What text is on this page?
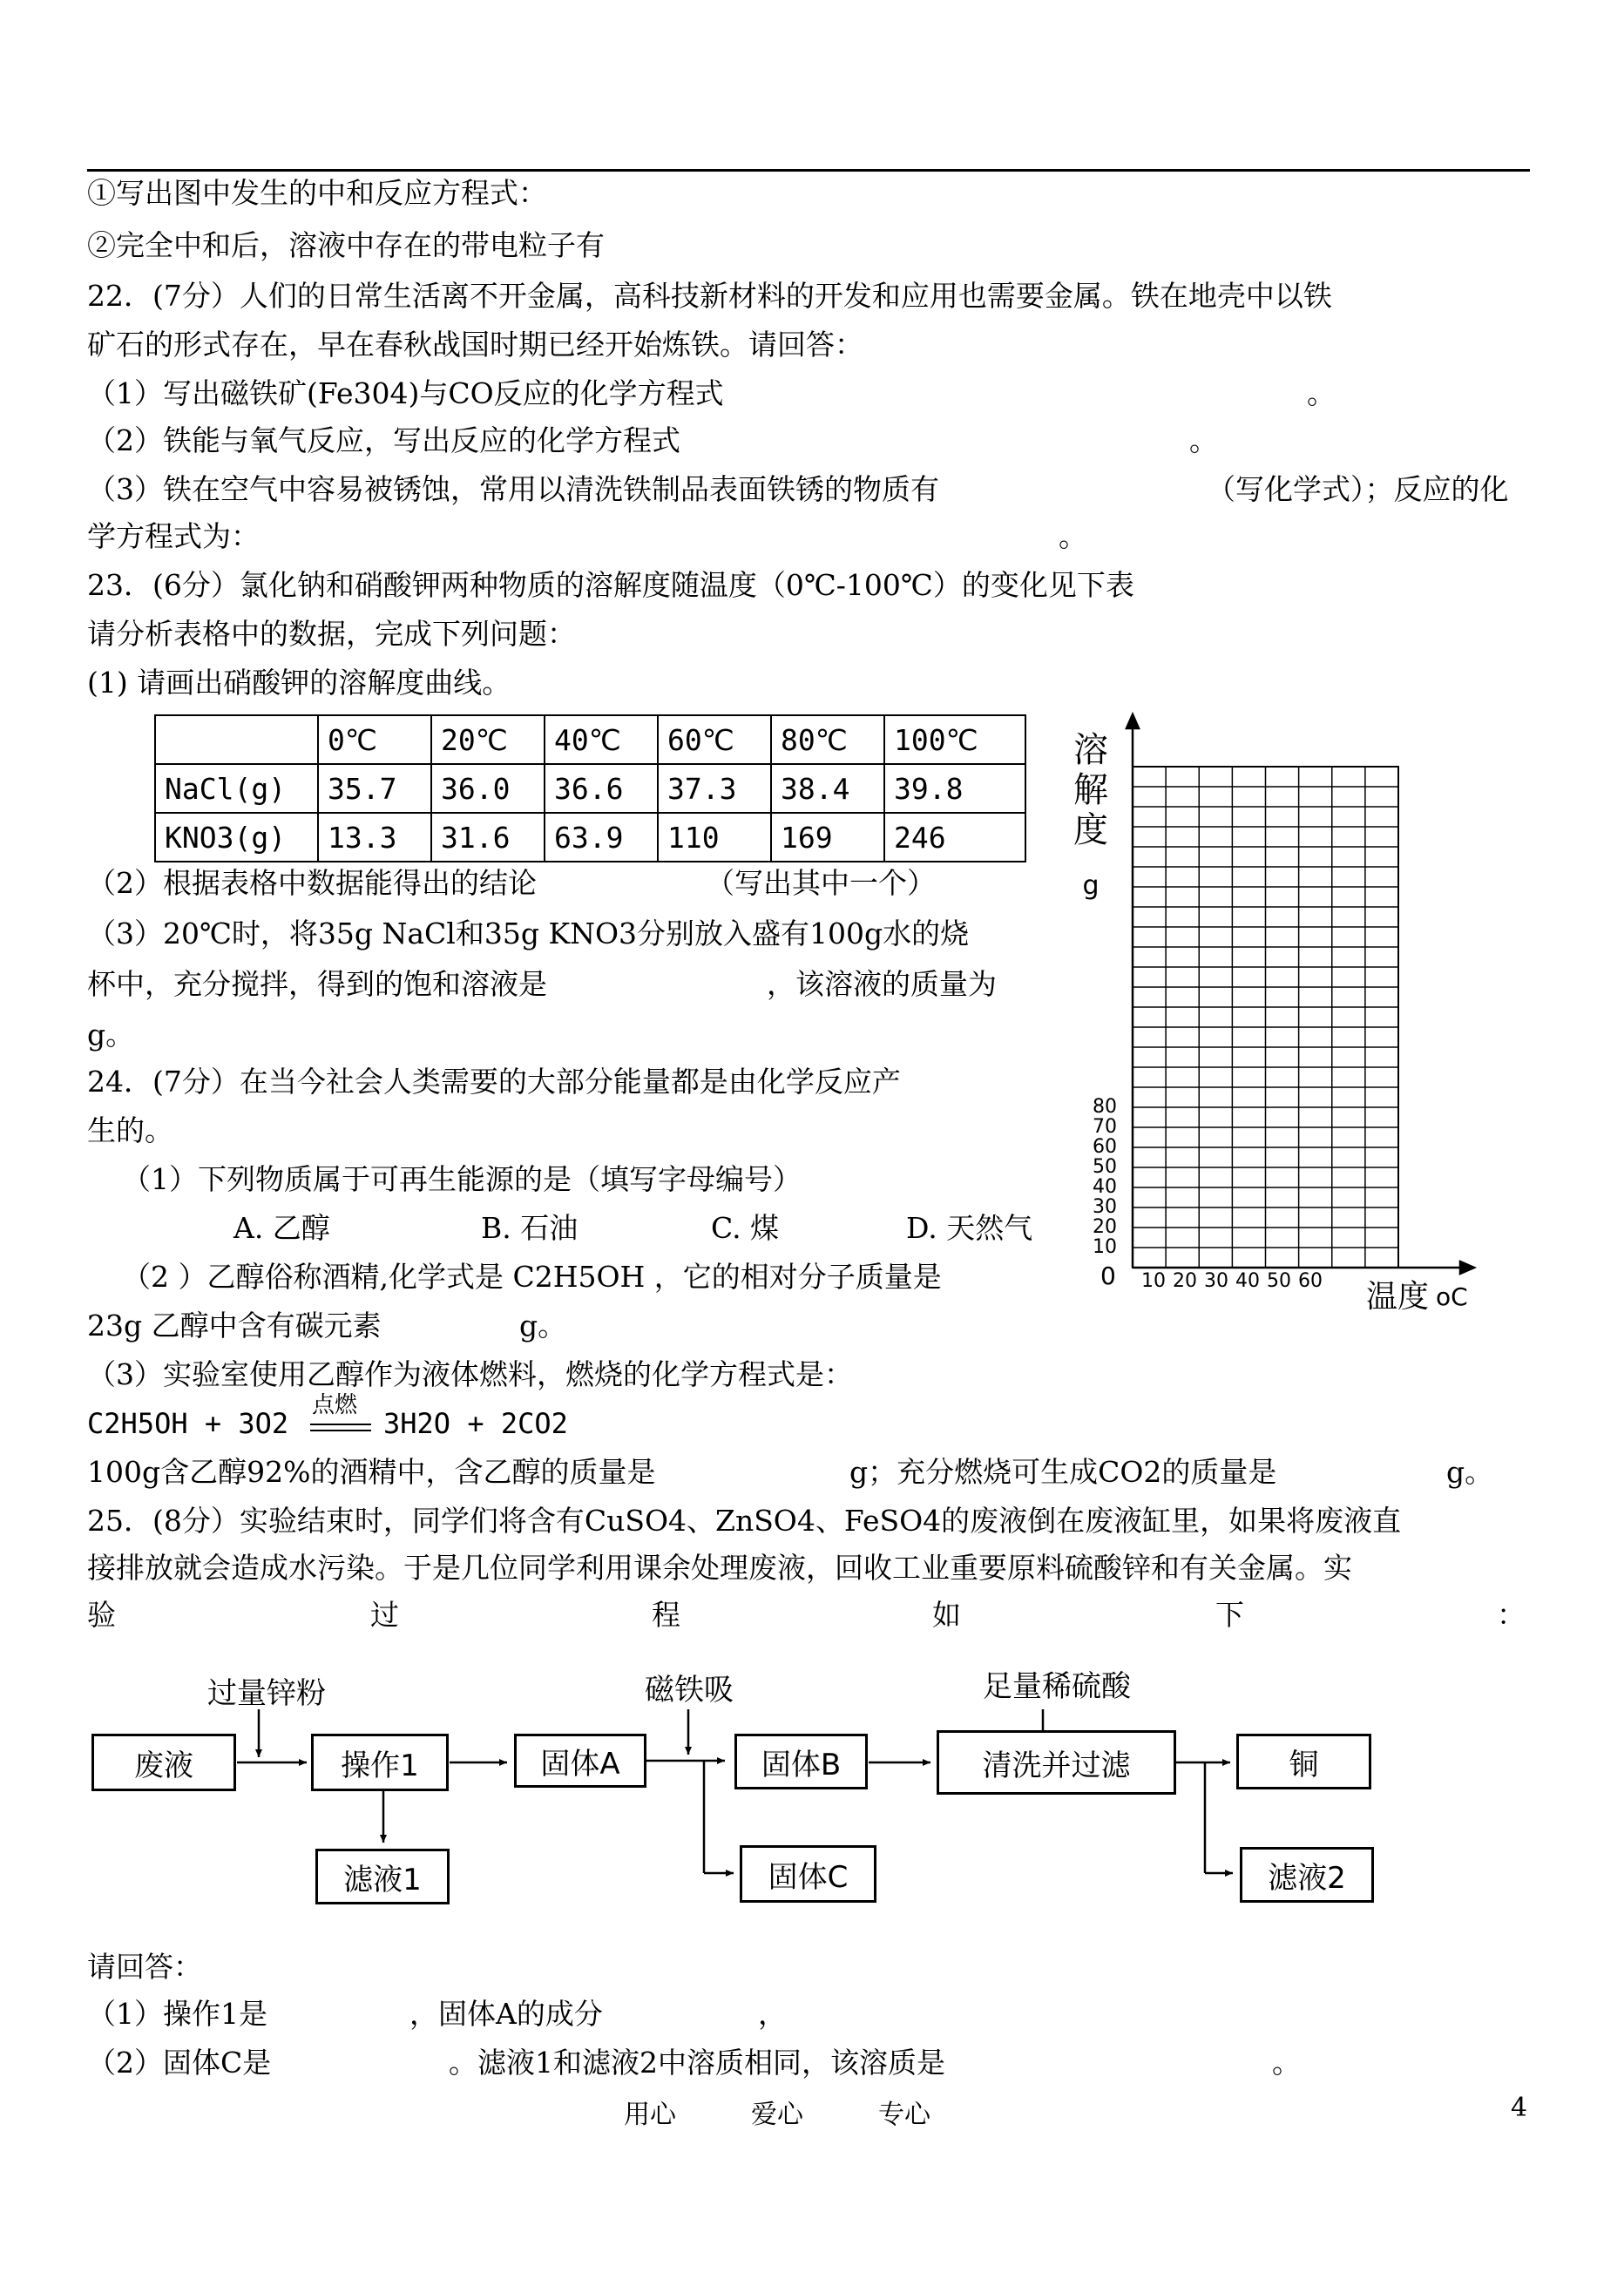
①写出图中发生的中和反应方程式：
②完全中和后，溶液中存在的带电粒子有
22．(7分）人们的日常生活离不开金属，高科技新材料的开发和应用也需要金属。铁在地壳中以铁
矿石的形式存在，早在春秋战国时期已经开始炼铁。请回答：
（1）写出磁铁矿(Fe304)与CO反应的化学方程式	。
（2）铁能与氧气反应，写出反应的化学方程式	。
（3）铁在空气中容易被锈蚀，常用以清洗铁制品表面铁锈的物质有	（写化学式）；反应的化
学方程式为：	。
23．(6分）氯化钠和硝酸钾两种物质的溶解度随温度（0℃-100℃）的变化见下表
请分析表格中的数据，完成下列问题：
(1) 请画出硝酸钾的溶解度曲线。
	0℃	20℃	40℃	60℃	80℃	100℃
NaCl(g)	35.7	36.0	36.6	37.3	38.4	39.8
KNO3(g)	13.3	31.6	63.9	110	169	246
（2）根据表格中数据能得出的结论	（写出其中一个）
（3）20℃时，将35g NaCl和35g KNO3分别放入盛有100g水的烧
杯中，充分搅拌，得到的饱和溶液是	，该溶液的质量为
g。
24．(7分）在当今社会人类需要的大部分能量都是由化学反应产
生的。
（1）下列物质属于可再生能源的是（填写字母编号）
A. 乙醇	B. 石油	C. 煤	D. 天然气
（2 ）乙醇俗称酒精,化学式是 C2H5OH ，它的相对分子质量是
23g 乙醇中含有碳元素	g。
（3）实验室使用乙醇作为液体燃料，燃烧的化学方程式是：
C2H5OH + 3O2
点燃
3H2O + 2CO2
100g含乙醇92%的酒精中，含乙醇的质量是	g；充分燃烧可生成CO2的质量是	g。
25．(8分）实验结束时，同学们将含有CuSO4、ZnSO4、FeSO4的废液倒在废液缸里，如果将废液直
接排放就会造成水污染。于是几位同学利用课余处理废液，回收工业重要原料硫酸锌和有关金属。实
验	过	程	如	下	：
溶
解
度
g
80
70
60
50
40
30
20
10
10 20 30 40 50 60
0
温度 oC
过量锌粉	磁铁吸	足量稀硫酸
废液	操作1	固体A	固体B	清洗并过滤	铜
滤液1	固体C	滤液2
请回答：
（1）操作1是	，固体A的成分	，
（2）固体C是	。滤液1和滤液2中溶质相同，该溶质是	。
用心	爱心	专心	4
